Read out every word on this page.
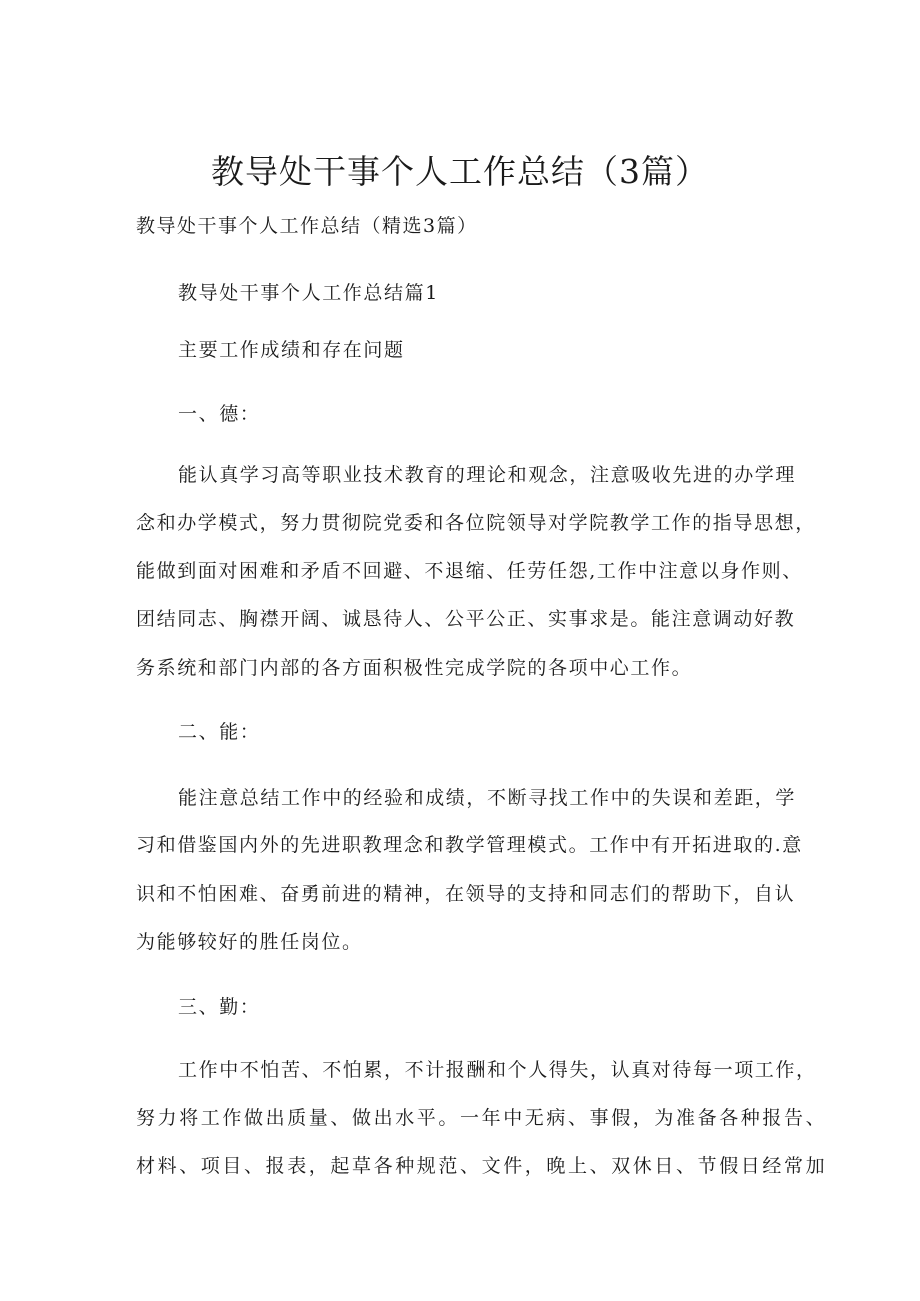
教导处干事个人工作总结（3篇）

教导处干事个人工作总结（精选3篇）

教导处干事个人工作总结篇1

主要工作成绩和存在问题

一、德：

能认真学习高等职业技术教育的理论和观念，注意吸收先进的办学理

念和办学模式，努力贯彻院党委和各位院领导对学院教学工作的指导思想，

能做到面对困难和矛盾不回避、不退缩、任劳任怨,工作中注意以身作则、

团结同志、胸襟开阔、诚恳待人、公平公正、实事求是。能注意调动好教

务系统和部门内部的各方面积极性完成学院的各项中心工作。

二、能：

能注意总结工作中的经验和成绩，不断寻找工作中的失误和差距，学

习和借鉴国内外的先进职教理念和教学管理模式。工作中有开拓进取的.意

识和不怕困难、奋勇前进的精神，在领导的支持和同志们的帮助下，自认

为能够较好的胜任岗位。

三、勤：

工作中不怕苦、不怕累，不计报酬和个人得失，认真对待每一项工作，

努力将工作做出质量、做出水平。一年中无病、事假，为准备各种报告、

材料、项目、报表，起草各种规范、文件，晚上、双休日、节假日经常加
